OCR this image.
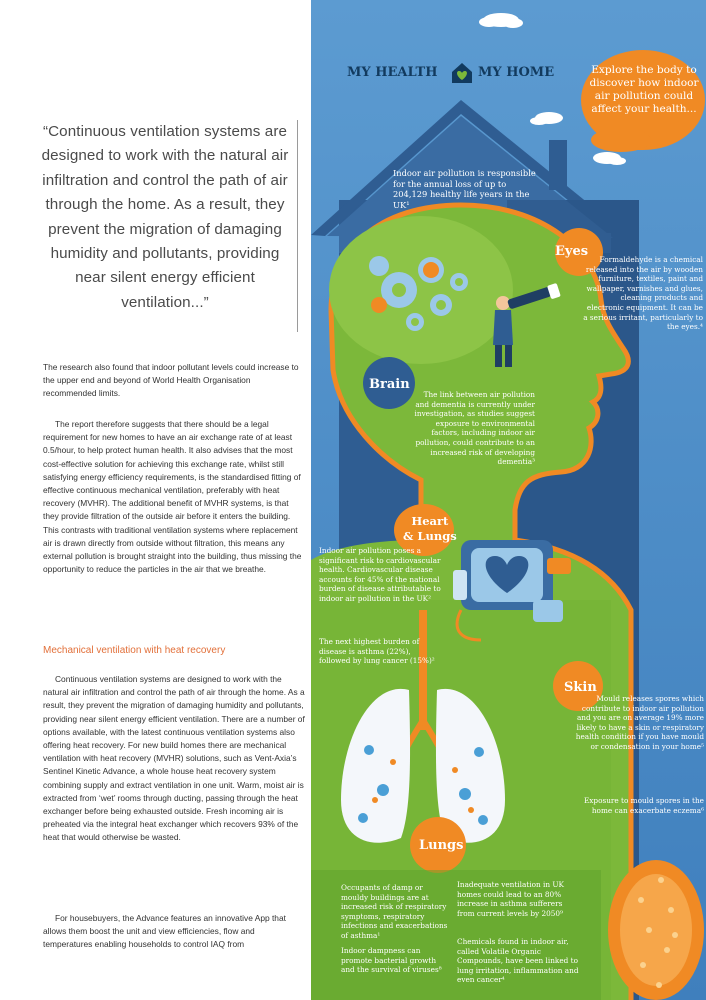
“Continuous ventilation systems are designed to work with the natural air infiltration and control the path of air through the home. As a result, they prevent the migration of damaging humidity and pollutants, providing near silent energy efficient ventilation...”

The research also found that indoor pollutant levels could increase to the upper end and beyond of World Health Organisation recommended limits.

The report therefore suggests that there should be a legal requirement for new homes to have an air exchange rate of at least 0.5/hour, to help protect human health. It also advises that the most cost-effective solution for achieving this exchange rate, whilst still satisfying energy efficiency requirements, is the standardised fitting of effective continuous mechanical ventilation, preferably with heat recovery (MVHR). The additional benefit of MVHR systems, is that they provide filtration of the outside air before it enters the building. This contrasts with traditional ventilation systems where replacement air is drawn directly from outside without filtration, this means any external pollution is brought straight into the building, thus missing the opportunity to reduce the particles in the air that we breathe.

Mechanical ventilation with heat recovery

Continuous ventilation systems are designed to work with the natural air infiltration and control the path of air through the home. As a result, they prevent the migration of damaging humidity and pollutants, providing near silent energy efficient ventilation. There are a number of options available, with the latest continuous ventilation systems also offering heat recovery. For new build homes there are mechanical ventilation with heat recovery (MVHR) solutions, such as Vent-Axia’s Sentinel Kinetic Advance, a whole house heat recovery system combining supply and extract ventilation in one unit. Warm, moist air is extracted from ‘wet’ rooms through ducting, passing through the heat exchanger before being exhausted outside. Fresh incoming air is preheated via the integral heat exchanger which recovers 93% of the heat that would otherwise be wasted.

For housebuyers, the Advance features an innovative App that allows them boost the unit and view efficiencies, flow and temperatures enabling households to control IAQ from

MY HEALTH	MY HOME	Explore the body to discover how indoor air pollution could affect your health...

Indoor air pollution is responsible for the annual loss of up to 204,129 healthy life years in the UK¹

Eyes

Formaldehyde is a chemical released into the air by wooden furniture, textiles, paint and wallpaper, varnishes and glues, cleaning products and electronic equipment. It can be a serious irritant, particularly to the eyes.⁴

Brain

The link between air pollution and dementia is currently under investigation, as studies suggest exposure to environmental factors, including indoor air pollution, could contribute to an increased risk of developing dementia³

Heart
& Lungs

Indoor air pollution poses a significant risk to cardiovascular health. Cardiovascular disease accounts for 45% of the national burden of disease attributable to indoor air pollution in the UK²

The next highest burden of disease is asthma (22%), followed by lung cancer (15%)²

Skin

Mould releases spores which contribute to indoor air pollution and you are on average 19% more likely to have a skin or respiratory health condition if you have mould or condensation in your home⁵

Exposure to mould spores in the home can exacerbate eczema⁶

Lungs

Occupants of damp or mouldy buildings are at increased risk of respiratory symptoms, respiratory infections and exacerbations of asthma¹

Indoor dampness can promote bacterial growth and the survival of viruses⁸

Inadequate ventilation in UK homes could lead to an 80% increase in asthma sufferers from current levels by 2050⁹

Chemicals found in indoor air, called Volatile Organic Compounds, have been linked to lung irritation, inflammation and even cancer⁴
